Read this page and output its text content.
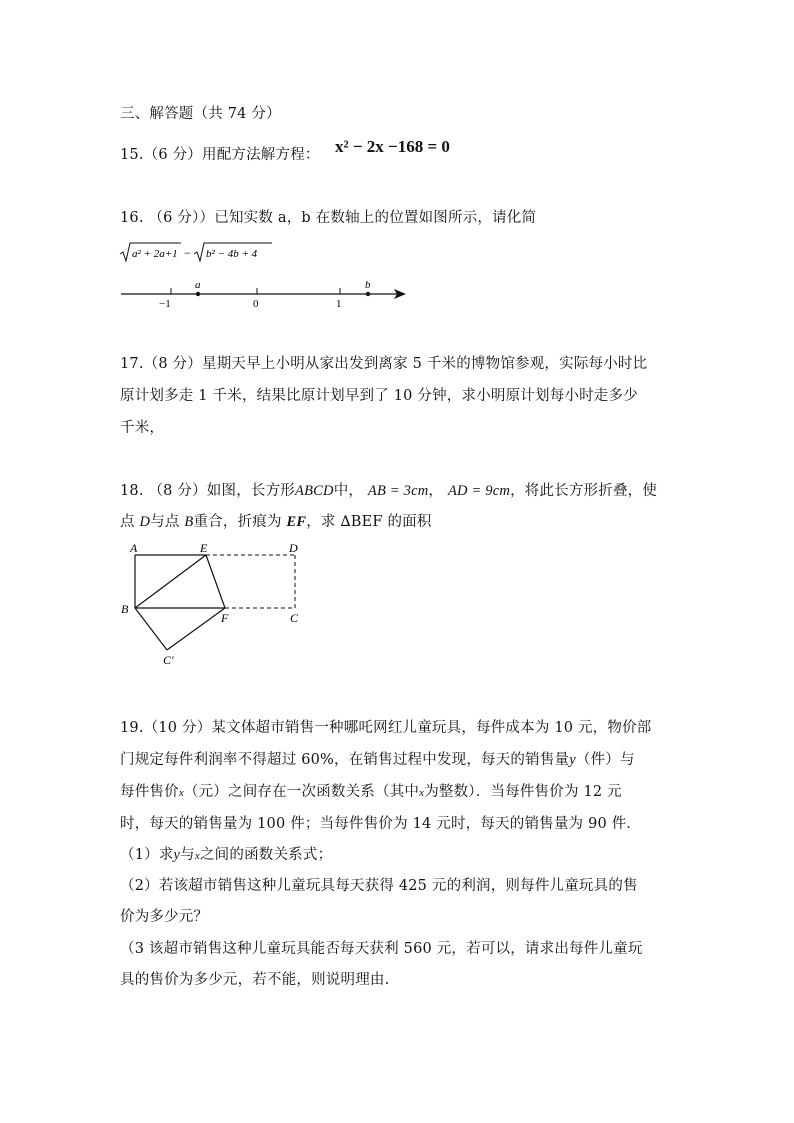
三、解答题（共 74 分）
15.（6 分）用配方法解方程： x² − 2x −168 = 0
16. （6 分））已知实数 a，b 在数轴上的位置如图所示，请化简
a² + 2a+1 − b² − 4b + 4
a	b
−1	0	1
17.（8 分）星期天早上小明从家出发到离家 5 千米的博物馆参观，实际每小时比
原计划多走 1 千米，结果比原计划早到了 10 分钟，求小明原计划每小时走多少
千米，
18. （8 分）如图，长方形ABCD中， AB = 3cm， AD = 9cm，将此长方形折叠，使
点 D与点 B重合，折痕为 EF，求 ∆BEF 的面积
A	E	D
B
F	C
C'
19.（10 分）某文体超市销售一种哪吒网红儿童玩具，每件成本为 10 元，物价部
门规定每件利润率不得超过 60%，在销售过程中发现，每天的销售量y（件）与
每件售价x（元）之间存在一次函数关系（其中x为整数）．当每件售价为 12 元
时，每天的销售量为 100 件；当每件售价为 14 元时，每天的销售量为 90 件．
（1）求y与x之间的函数关系式；
（2）若该超市销售这种儿童玩具每天获得 425 元的利润，则每件儿童玩具的售
价为多少元？
（3 该超市销售这种儿童玩具能否每天获利 560 元，若可以，请求出每件儿童玩
具的售价为多少元，若不能，则说明理由.
